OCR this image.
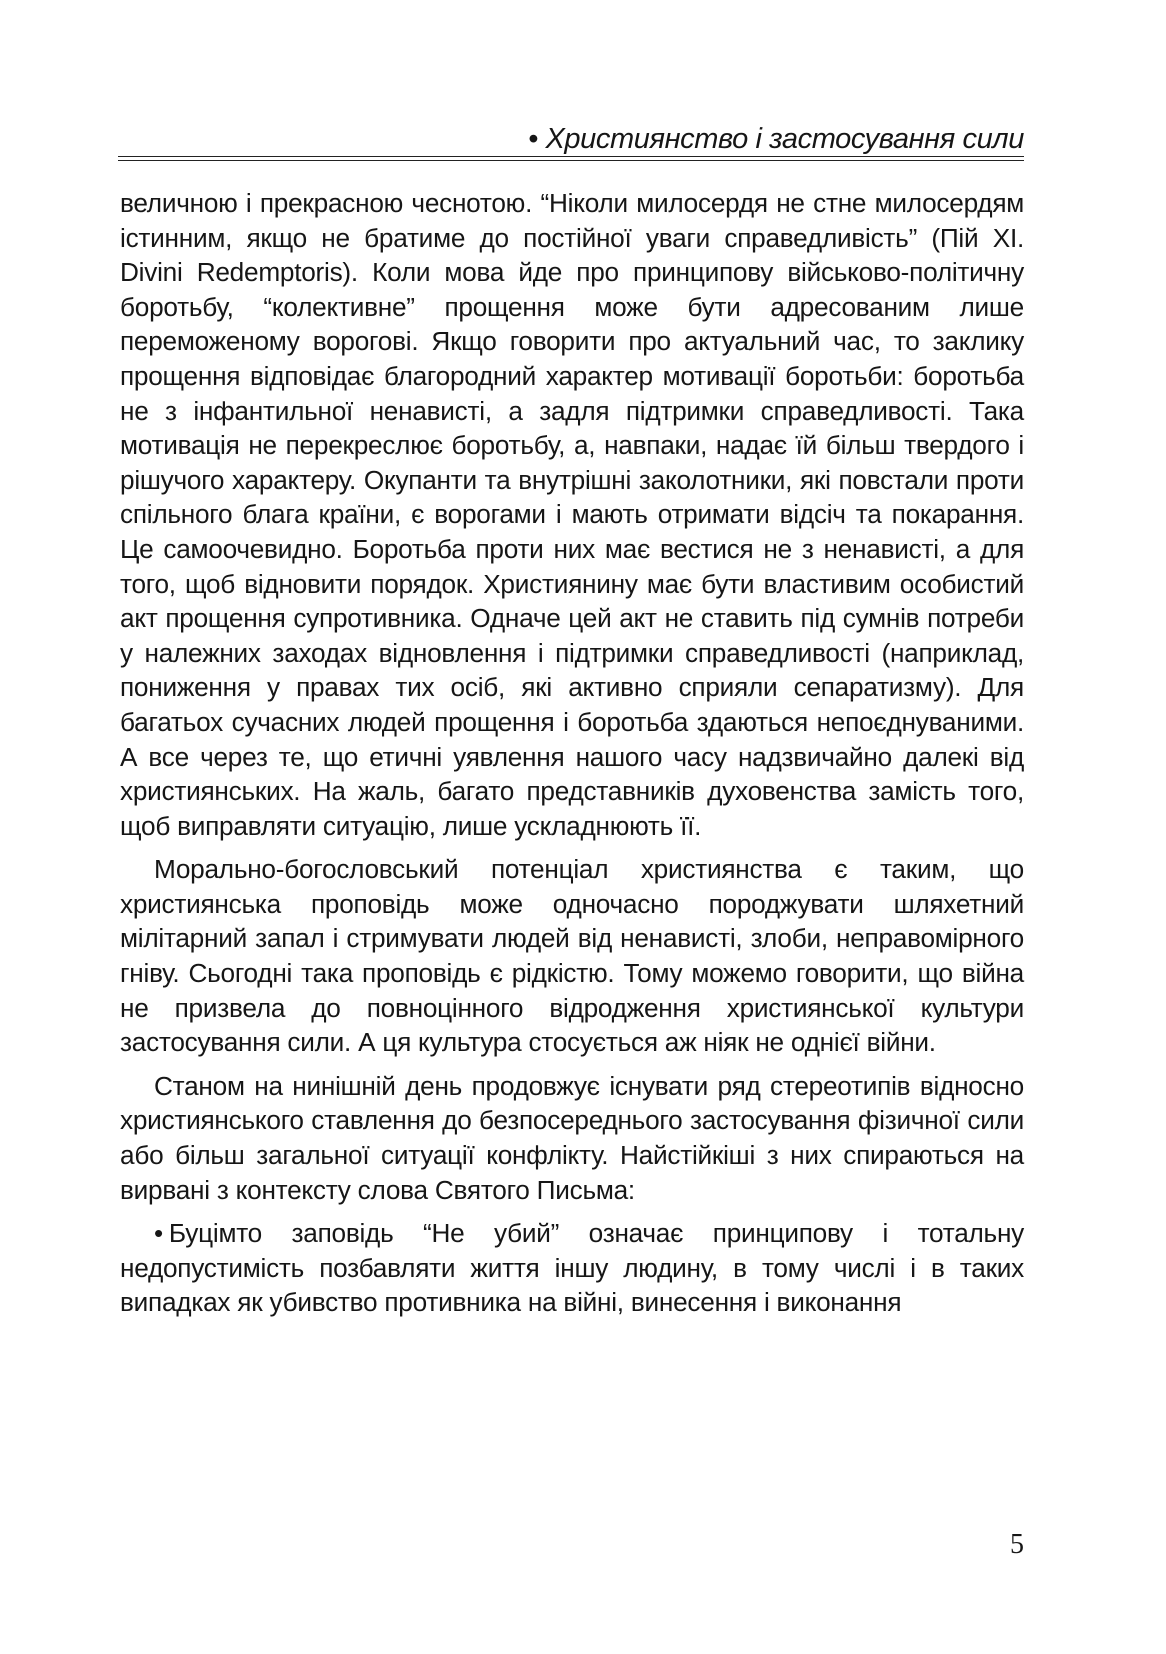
• Християнство і застосування сили

величною і прекрасною чеснотою. “Ніколи милосердя не стне милосердям істинним, якщо не братиме до постійної уваги справедливість” (Пій XI. Divini Redemptoris). Коли мова йде про принципову військово-політичну боротьбу, “колективне” прощення може бути адресованим лише переможеному ворогові. Якщо говорити про актуальний час, то заклику прощення відповідає благородний характер мотивації боротьби: боротьба не з інфантильної ненависті, а задля підтримки справедливості. Така мотивація не перекреслює боротьбу, а, навпаки, надає їй більш твердого і рішучого характеру. Окупанти та внутрішні заколотники, які повстали проти спільного блага країни, є ворогами і мають отримати відсіч та покарання. Це самоочевидно. Боротьба проти них має вестися не з ненависті, а для того, щоб відновити порядок. Християнину має бути властивим особистий акт прощення супротивника. Одначе цей акт не ставить під сумнів потреби у належних заходах відновлення і підтримки справедливості (наприклад, пониження у правах тих осіб, які активно сприяли сепаратизму). Для багатьох сучасних людей прощення і боротьба здаються непоєднуваними. А все через те, що етичні уявлення нашого часу надзвичайно далекі від християнських. На жаль, багато представників духовенства замість того, щоб виправляти ситуацію, лише ускладнюють її.

Морально-богословський потенціал християнства є таким, що християнська проповідь може одночасно породжувати шляхетний мілітарний запал і стримувати людей від ненависті, злоби, неправомірного гніву. Сьогодні така проповідь є рідкістю. Тому можемо говорити, що війна не призвела до повноцінного відродження християнської культури застосування сили. А ця культура стосується аж ніяк не однієї війни.

Станом на нинішній день продовжує існувати ряд стереотипів відносно християнського ставлення до безпосереднього застосування фізичної сили або більш загальної ситуації конфлікту. Найстійкіші з них спираються на вирвані з контексту слова Святого Письма:

• Буцімто заповідь “Не убий” означає принципову і тотальну недопустимість позбавляти життя іншу людину, в тому числі і в таких випадках як убивство противника на війні, винесення і виконання

5
